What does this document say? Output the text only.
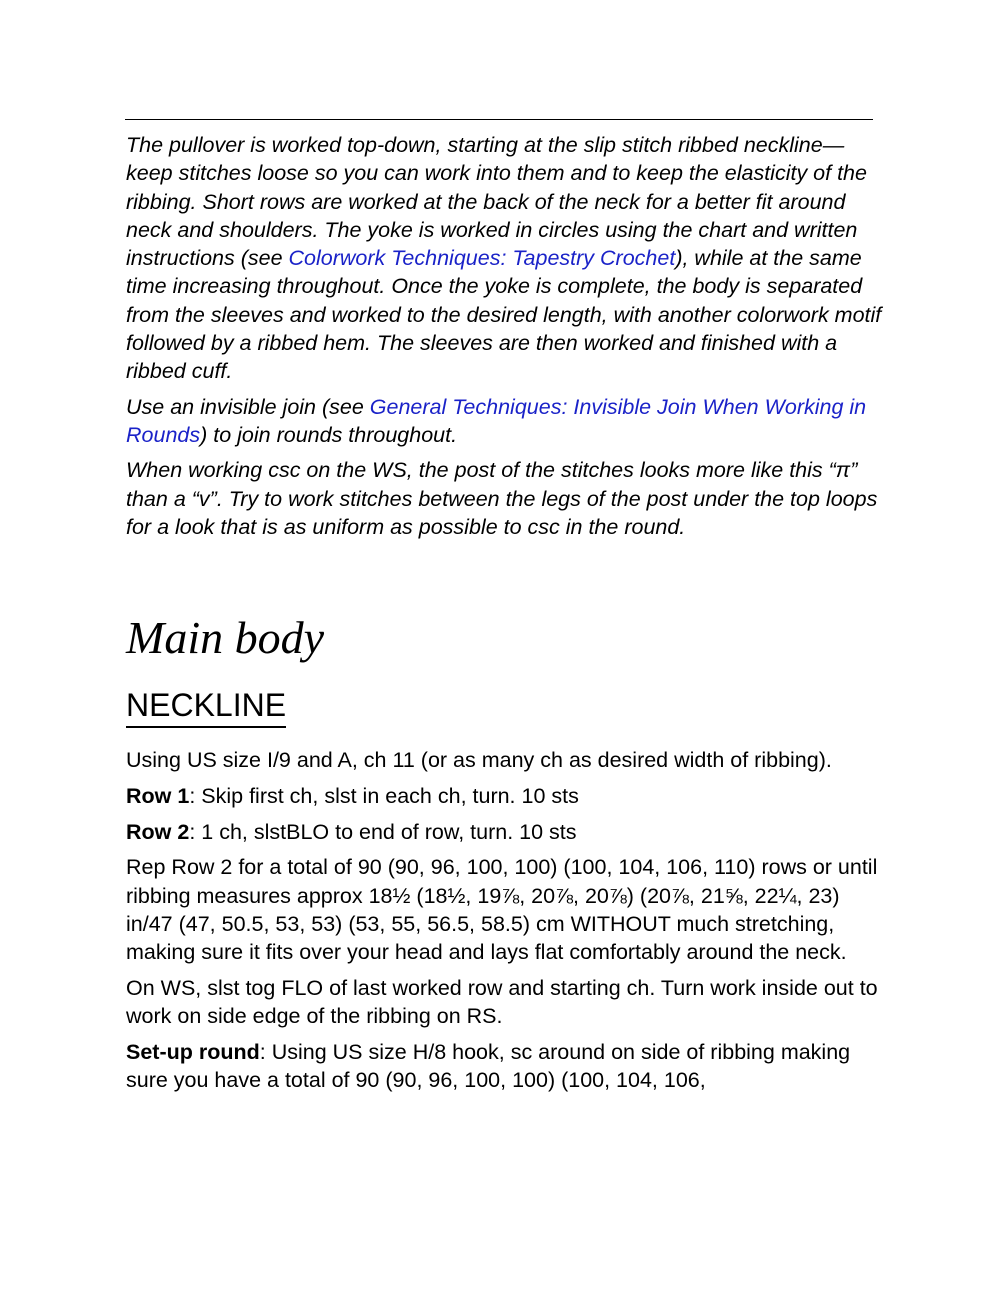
The pullover is worked top-down, starting at the slip stitch ribbed neckline—keep stitches loose so you can work into them and to keep the elasticity of the ribbing. Short rows are worked at the back of the neck for a better fit around neck and shoulders. The yoke is worked in circles using the chart and written instructions (see Colorwork Techniques: Tapestry Crochet), while at the same time increasing throughout. Once the yoke is complete, the body is separated from the sleeves and worked to the desired length, with another colorwork motif followed by a ribbed hem. The sleeves are then worked and finished with a ribbed cuff.

Use an invisible join (see General Techniques: Invisible Join When Working in Rounds) to join rounds throughout.

When working csc on the WS, the post of the stitches looks more like this “π” than a “v”. Try to work stitches between the legs of the post under the top loops for a look that is as uniform as possible to csc in the round.

Main body
NECKLINE

Using US size I/9 and A, ch 11 (or as many ch as desired width of ribbing).

Row 1: Skip first ch, slst in each ch, turn. 10 sts

Row 2: 1 ch, slstBLO to end of row, turn. 10 sts

Rep Row 2 for a total of 90 (90, 96, 100, 100) (100, 104, 106, 110) rows or until ribbing measures approx 18½ (18½, 19⅞, 20⅞, 20⅞) (20⅞, 21⅝, 22¼, 23) in/47 (47, 50.5, 53, 53) (53, 55, 56.5, 58.5) cm WITHOUT much stretching, making sure it fits over your head and lays flat comfortably around the neck.

On WS, slst tog FLO of last worked row and starting ch. Turn work inside out to work on side edge of the ribbing on RS.

Set-up round: Using US size H/8 hook, sc around on side of ribbing making sure you have a total of 90 (90, 96, 100, 100) (100, 104, 106,
